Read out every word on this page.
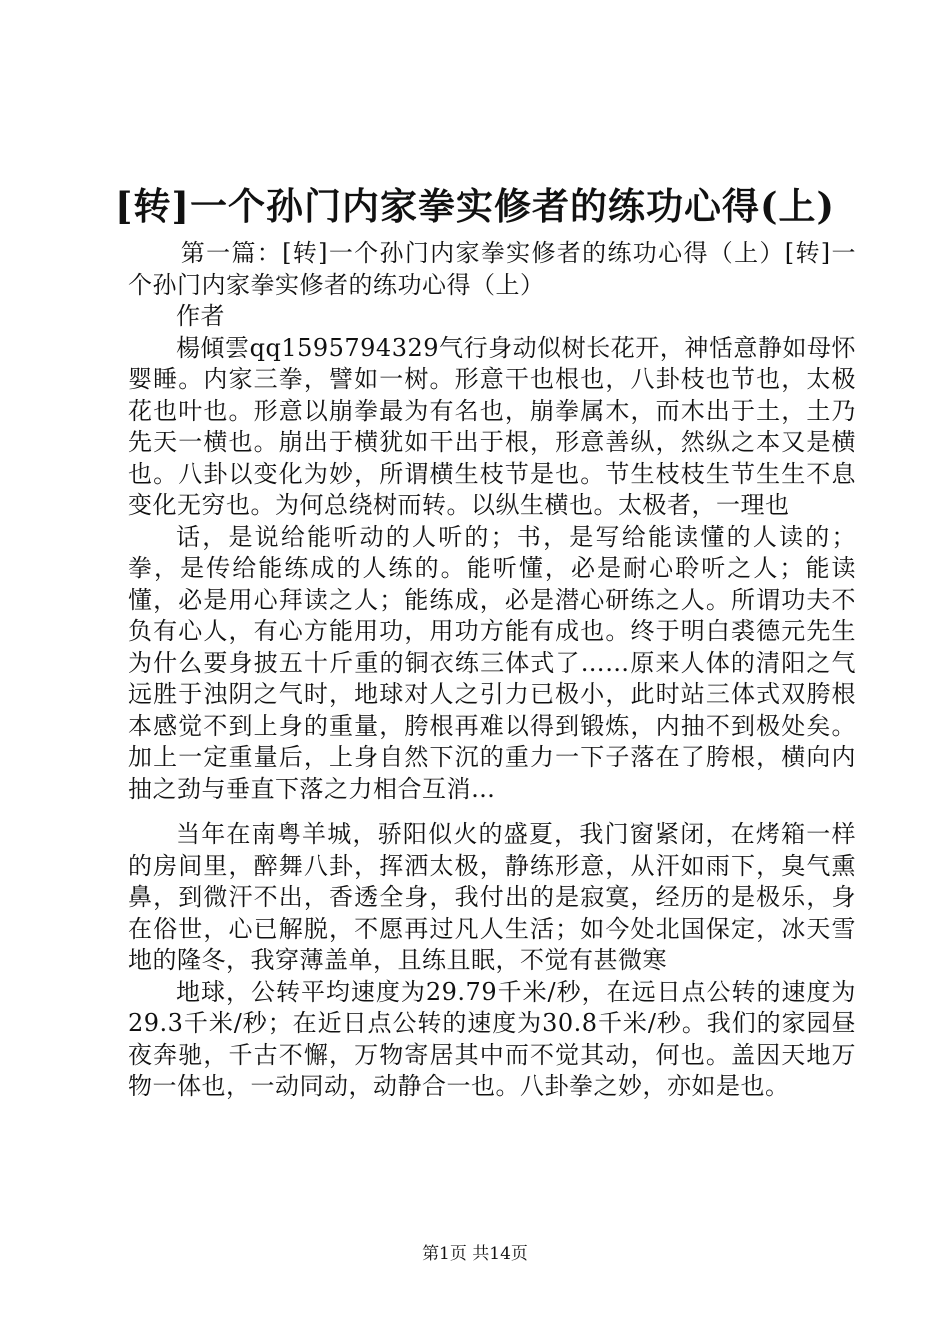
[转]一个孙门内家拳实修者的练功心得(上)

第一篇：[转]一个孙门内家拳实修者的练功心得（上）[转]一个孙门内家拳实修者的练功心得（上）

作者

楊傾雲qq1595794329气行身动似树长花开，神恬意静如母怀婴睡。内家三拳，譬如一树。形意干也根也，八卦枝也节也，太极花也叶也。形意以崩拳最为有名也，崩拳属木，而木出于土，土乃先天一横也。崩出于横犹如干出于根，形意善纵，然纵之本又是横也。八卦以变化为妙，所谓横生枝节是也。节生枝枝生节生生不息变化无穷也。为何总绕树而转。以纵生横也。太极者，一理也

话，是说给能听动的人听的；书，是写给能读懂的人读的；拳，是传给能练成的人练的。能听懂，必是耐心聆听之人；能读懂，必是用心拜读之人；能练成，必是潜心研练之人。所谓功夫不负有心人，有心方能用功，用功方能有成也。终于明白裘德元先生为什么要身披五十斤重的铜衣练三体式了……原来人体的清阳之气远胜于浊阴之气时，地球对人之引力已极小，此时站三体式双胯根本感觉不到上身的重量，胯根再难以得到锻炼，内抽不到极处矣。加上一定重量后，上身自然下沉的重力一下子落在了胯根，横向内抽之劲与垂直下落之力相合互消…

当年在南粤羊城，骄阳似火的盛夏，我门窗紧闭，在烤箱一样的房间里，醉舞八卦，挥洒太极，静练形意，从汗如雨下，臭气熏鼻，到微汗不出，香透全身，我付出的是寂寞，经历的是极乐，身在俗世，心已解脱，不愿再过凡人生活；如今处北国保定，冰天雪地的隆冬，我穿薄盖单，且练且眠，不觉有甚微寒

地球，公转平均速度为29.79千米/秒，在远日点公转的速度为29.3千米/秒；在近日点公转的速度为30.8千米/秒。我们的家园昼夜奔驰，千古不懈，万物寄居其中而不觉其动，何也。盖因天地万物一体也，一动同动，动静合一也。八卦拳之妙，亦如是也。

第1页 共14页
